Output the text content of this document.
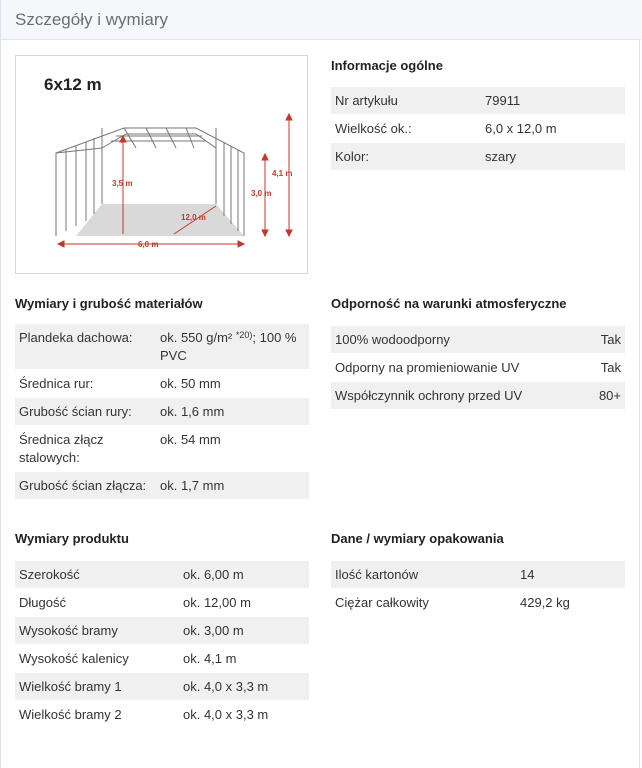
Szczegóły i wymiary
6x12 m
4,1 m
3,5 m
3,0 m
12,0 m
6,0 m
Informacje ogólne
Nr artykułu	79911

Wielkość ok.:	6,0 x 12,0 m

Kolor:	szary
Wymiary i grubość materiałów
Plandeka dachowa:	ok. 550 g/m² $^{*20)}$; 100 % PVC

Średnica rur:	ok. 50 mm

Grubość ścian rury:	ok. 1,6 mm

Średnica złącz stalowych:	ok. 54 mm

Grubość ścian złącza:	ok. 1,7 mm
Odporność na warunki atmosferyczne
100% wodoodporny	Tak

Odporny na promieniowanie UV	Tak

Współczynnik ochrony przed UV	80+
Wymiary produktu
Szerokość	ok. 6,00 m

Długość	ok. 12,00 m

Wysokość bramy	ok. 3,00 m

Wysokość kalenicy	ok. 4,1 m

Wielkość bramy 1	ok. 4,0 x 3,3 m

Wielkość bramy 2	ok. 4,0 x 3,3 m
Dane / wymiary opakowania
Ilość kartonów	14

Ciężar całkowity	429,2 kg
